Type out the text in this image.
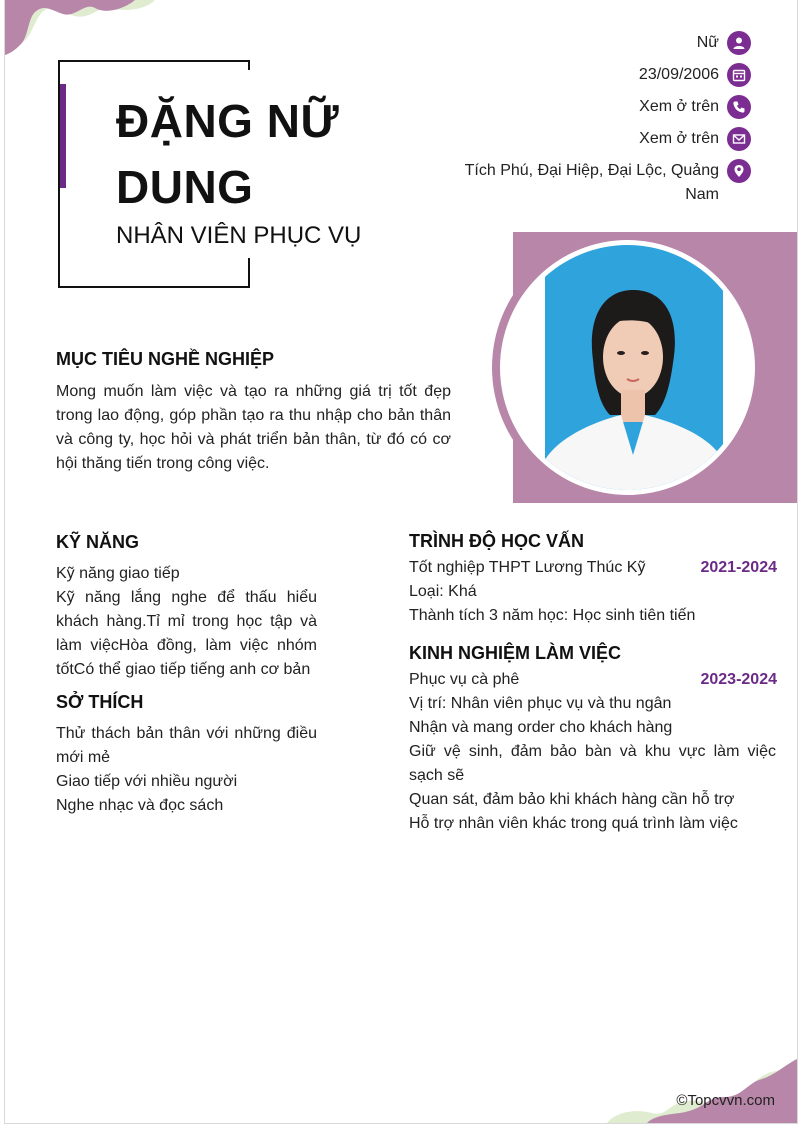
ĐẶNG NỮ
DUNG
NHÂN VIÊN PHỤC VỤ
Nữ
23/09/2006
Xem ở trên
Xem ở trên
Tích Phú, Đại Hiệp, Đại Lộc, Quảng Nam
MỤC TIÊU NGHỀ NGHIỆP

Mong muốn làm việc và tạo ra những giá trị tốt đẹp trong lao động, góp phần tạo ra thu nhập cho bản thân và công ty, học hỏi và phát triển bản thân, từ đó có cơ hội thăng tiến trong công việc.

KỸ NĂNG
Kỹ năng giao tiếp
Kỹ năng lắng nghe để thấu hiểu khách hàng.Tỉ mỉ trong học tập và làm việcHòa đồng, làm việc nhóm tốtCó thể giao tiếp tiếng anh cơ bản
SỞ THÍCH
Thử thách bản thân với những điều mới mẻ
Giao tiếp với nhiều người
Nghe nhạc và đọc sách
TRÌNH ĐỘ HỌC VẤN
Tốt nghiệp THPT Lương Thúc Kỹ	2021-2024
Loại: Khá
Thành tích 3 năm học: Học sinh tiên tiến
KINH NGHIỆM LÀM VIỆC
Phục vụ cà phê	2023-2024
Vị trí: Nhân viên phục vụ và thu ngân
Nhận và mang order cho khách hàng
Giữ vệ sinh, đảm bảo bàn và khu vực làm việc sạch sẽ
Quan sát, đảm bảo khi khách hàng cần hỗ trợ
Hỗ trợ nhân viên khác trong quá trình làm việc
©Topcvvn.com
